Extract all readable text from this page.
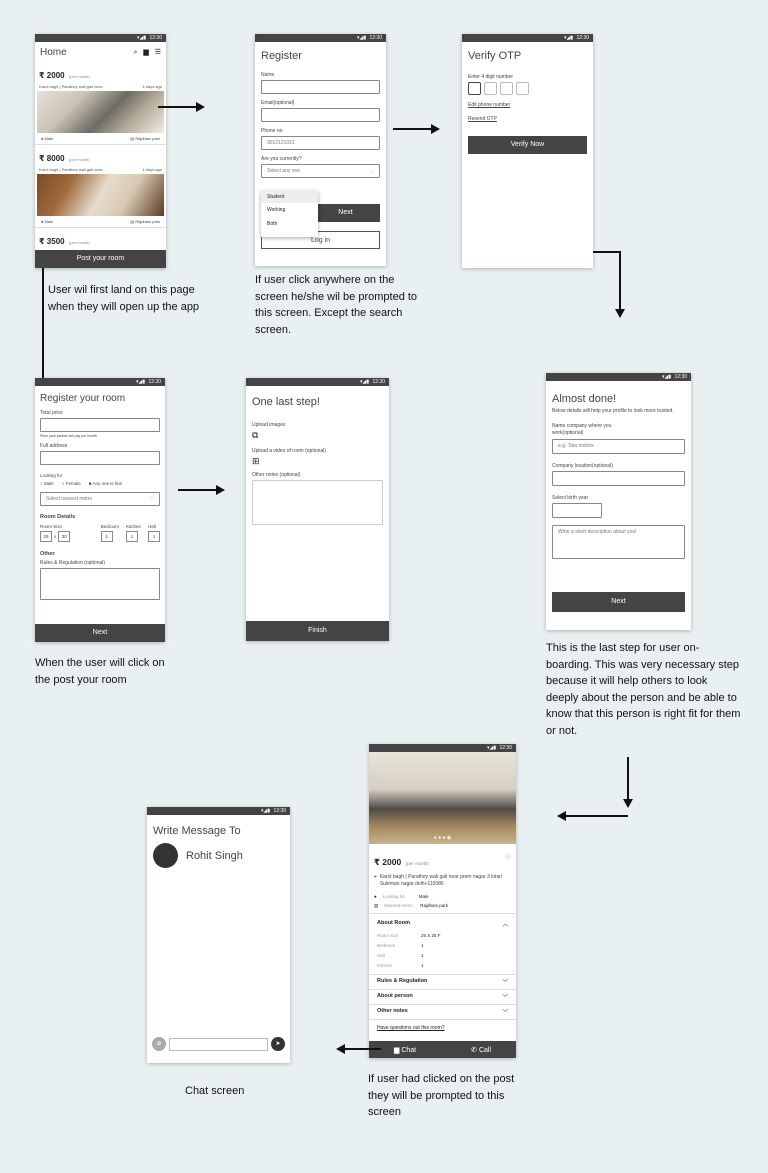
▾◢▮ 12:30
Home	⌕ ▆ ☰
₹ 2000 (per month)
Karol bagh | Parathey wali gali near...	4 days ago
● Male	▤ Rajdhani park
₹ 8000 (per month)
Karol bagh | Parathey wali gali near...	4 days ago
● Male	▤ Rajdhani park
₹ 3500 (per month)
Post your room
User wil first land on this page when they will open up the app
▾◢▮ 12:30
Register
Name
Email(optional)
Phone no.
9012121021
Are you currently?
Select any one	︿
Next
Log in
Student
Working
Both
If user click anywhere on the screen he/she wil be prompted to this screen. Except the search screen.
▾◢▮ 12:30
Verify OTP
Enter 4 digit number
Edit phone number
Resend OTP
Verify Now
▾◢▮ 12:30
Register your room
Total price
Price your partner will pay per month
Full address
Looking for
○ Male ○ Female ■ Any one is fine
Select nearest metro	﹀
Room Details
Room Size
25	x	30
Bedroom
1
Kitchen
1
Hall
1
Other
Rules & Regulation (optional)
Next
When the user will click on the post your room
▾◢▮ 12:30
One last step!
Upload images
⧉
Upload a video of room (optional)
⊞
Other notes (optional)
Finish
▾◢▮ 12:30
Almost done!
Below details will help your profile to look more trusted.
Name company where you work(optional)
e.g. Tata motors
Company location(optional)
Select birth year
Write a short description about you!
Next
This is the last step for user on-boarding. This was very necessary step because it will help others to look deeply about the person and be able to know that this person is right fit for them or not.
▾◢▮ 12:30
● ● ● ◉
₹ 2000 (per month)
ⓘ
⌖ Karol bagh | Parathey wali gali near prem nagar 3 kirari Suleman nagar delhi-110086
● Looking for	Male
▤ Nearest metro	Rajdhani park
About Room	︿
Room size	25 X 25 F
Bedroom	1
Hall	1
Kitchen	1
Rules & Regulation	﹀
About person	﹀
Other notes	﹀
Have questions out this room?
▆ Chat	✆ Call
If user had clicked on the post they will be prompted to this screen
▾◢▮ 12:30
Write Message To
Rohit Singh
⌀	➤
Chat screen
